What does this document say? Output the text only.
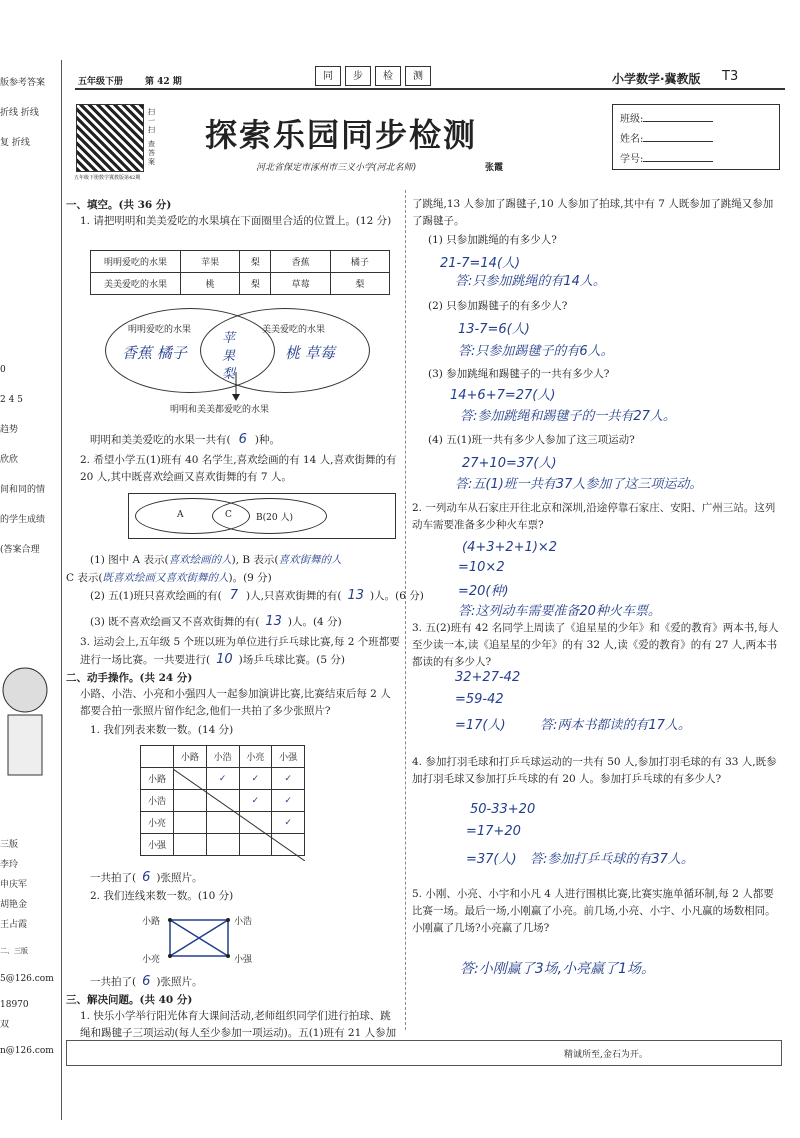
版参考答案
折线 折线
复 折线
0
2 4 5
趋势
欣欣
间和同的情
的学生成绩
(答案合理
三版
李玲
申庆军
胡艳金
王占霞
二、三版
5@126.com
18970
双
n@126.com
五年级下册 第 42 期	同	步	检	测	小学数学·冀教版 T3
扫一扫
查答案
五年级下册数学冀教版第42期
探索乐园同步检测
河北省保定市涿州市三义小学(河北名师)	张霞
班级:
姓名:
学号:
一、填空。(共 36 分)
1. 请把明明和美美爱吃的水果填在下面圈里合适的位置上。(12 分)
明明爱吃的水果	苹果	梨	香蕉	橘子
美美爱吃的水果	桃	梨	草莓	梨
明明爱吃的水果	美美爱吃的水果
香蕉 橘子
苹果
梨
桃 草莓
明明和美美都爱吃的水果
明明和美美爱吃的水果一共有( 6 )种。
2. 希望小学五(1)班有 40 名学生,喜欢绘画的有 14 人,喜欢街舞的有 20 人,其中既喜欢绘画又喜欢街舞的有 7 人。
A	C	B(20 人)
(1) 图中 A 表示(喜欢绘画的人), B 表示(喜欢街舞的人
C 表示(既喜欢绘画又喜欢街舞的人)。(9 分)
(2) 五(1)班只喜欢绘画的有( 7 )人,只喜欢街舞的有( 13 )人。(6 分)
(3) 既不喜欢绘画又不喜欢街舞的有( 13 )人。(4 分)
3. 运动会上,五年级 5 个班以班为单位进行乒乓球比赛,每 2 个班都要进行一场比赛。一共要进行( 10 )场乒乓球比赛。(5 分)
二、动手操作。(共 24 分)
小路、小浩、小亮和小强四人一起参加演讲比赛,比赛结束后每 2 人都要合拍一张照片留作纪念,他们一共拍了多少张照片?
1. 我们列表来数一数。(14 分)
	小路	小浩	小亮	小强
小路		✓	✓	✓
小浩			✓	✓
小亮				✓
小强				
一共拍了( 6 )张照片。
2. 我们连线来数一数。(10 分)
小路	小浩
小亮	小强
一共拍了( 6 )张照片。
三、解决问题。(共 40 分)
1. 快乐小学举行阳光体育大课间活动,老师组织同学们进行拍球、跳绳和踢毽子三项运动(每人至少参加一项运动)。五(1)班有 21 人参加
了跳绳,13 人参加了踢毽子,10 人参加了拍球,其中有 7 人既参加了跳绳又参加了踢毽子。
(1) 只参加跳绳的有多少人?
21-7=14(人)
答:只参加跳绳的有14人。
(2) 只参加踢毽子的有多少人?
13-7=6(人)
答:只参加踢毽子的有6人。
(3) 参加跳绳和踢毽子的一共有多少人?
14+6+7=27(人)
答:参加跳绳和踢毽子的一共有27人。
(4) 五(1)班一共有多少人参加了这三项运动?
27+10=37(人)
答:五(1)班一共有37人参加了这三项运动。
2. 一列动车从石家庄开往北京和深圳,沿途停靠石家庄、安阳、广州三站。这列动车需要准备多少种火车票?
(4+3+2+1)×2
=10×2
=20(种)
答:这列动车需要准备20种火车票。
3. 五(2)班有 42 名同学上周读了《追星星的少年》和《爱的教育》两本书,每人至少读一本,读《追星星的少年》的有 32 人,读《爱的教育》的有 27 人,两本书都读的有多少人?
32+27-42
=59-42
=17(人)	答:两本书都读的有17人。
4. 参加打羽毛球和打乒乓球运动的一共有 50 人,参加打羽毛球的有 33 人,既参加打羽毛球又参加打乒乓球的有 20 人。参加打乒乓球的有多少人?
50-33+20
=17+20
=37(人) 答:参加打乒乓球的有37人。
5. 小刚、小亮、小宇和小凡 4 人进行围棋比赛,比赛实施单循环制,每 2 人都要比赛一场。最后一场,小刚赢了小亮。前几场,小亮、小宇、小凡赢的场数相同。小刚赢了几场?小亮赢了几场?
答:小刚赢了3场,小亮赢了1场。
精诚所至,金石为开。
